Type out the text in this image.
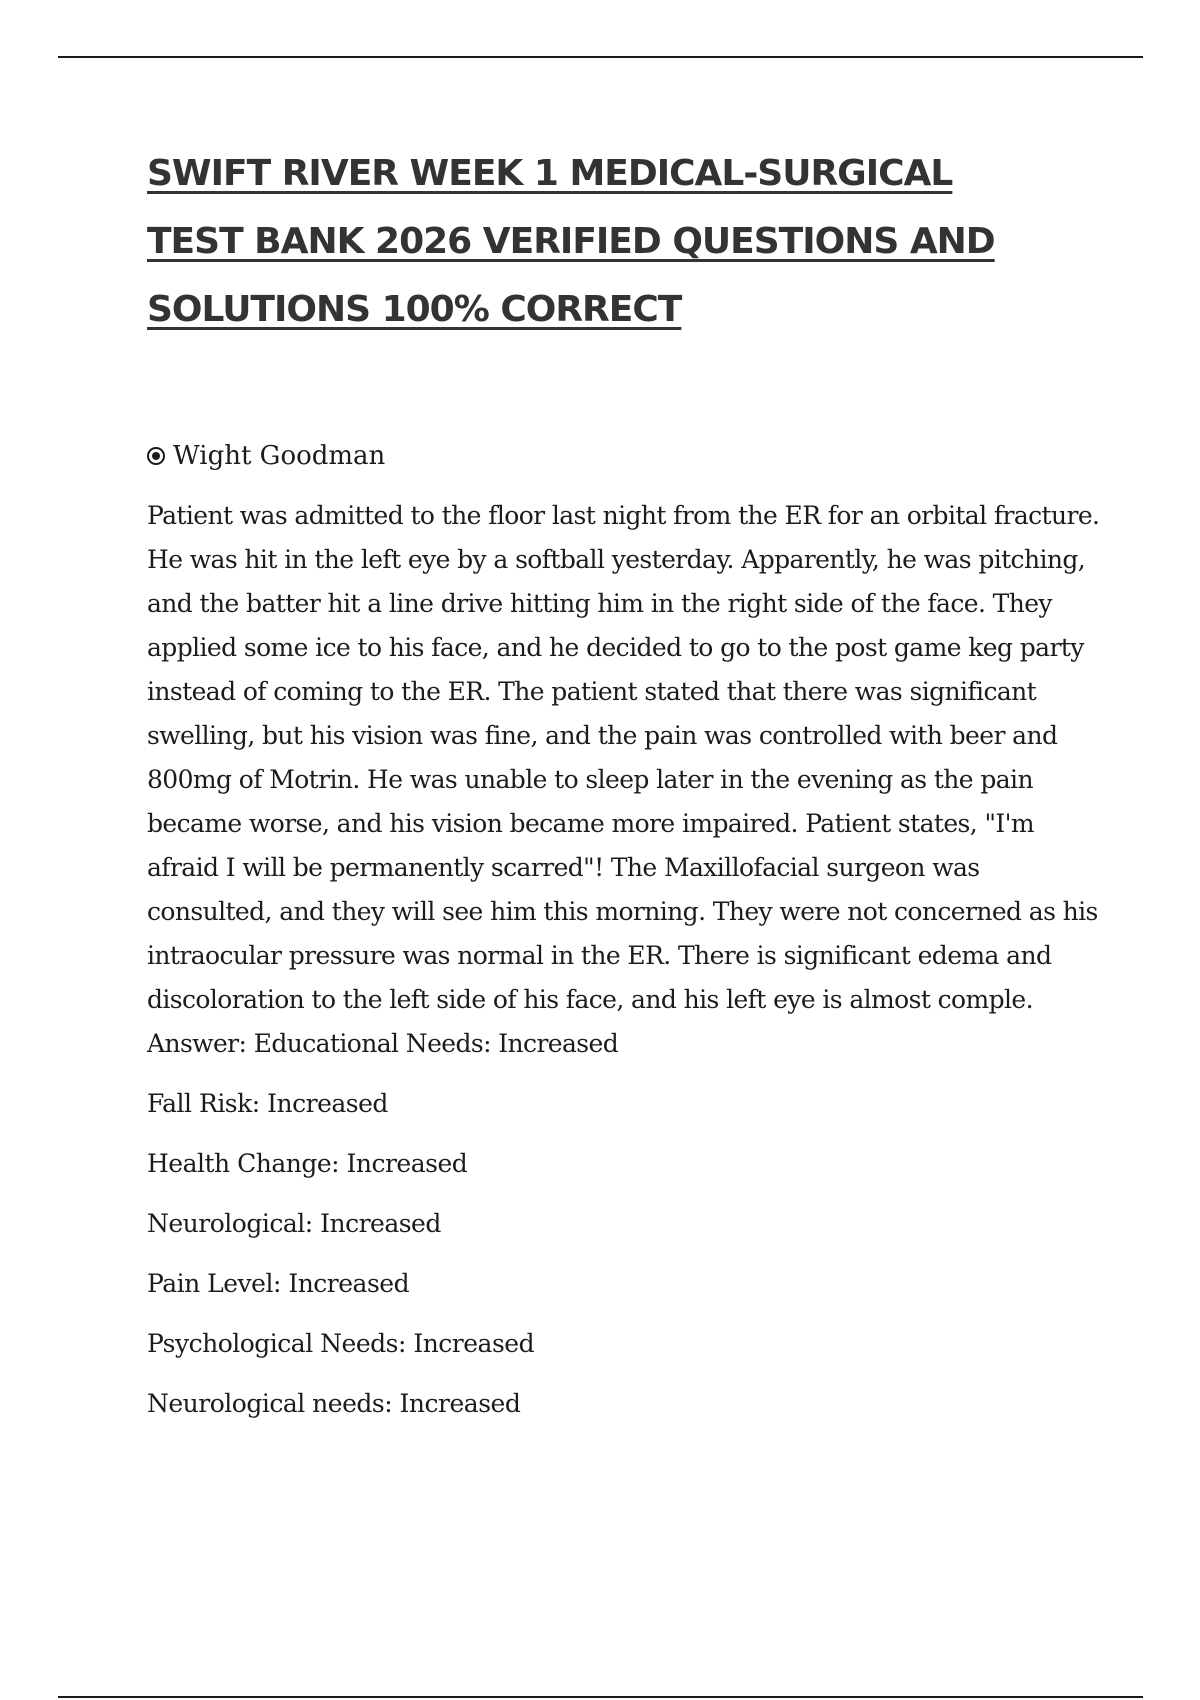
SWIFT RIVER WEEK 1 MEDICAL-SURGICAL
TEST BANK 2026 VERIFIED QUESTIONS AND
SOLUTIONS 100% CORRECT
Wight Goodman

Patient was admitted to the floor last night from the ER for an orbital fracture. He was hit in the left eye by a softball yesterday. Apparently, he was pitching, and the batter hit a line drive hitting him in the right side of the face. They applied some ice to his face, and he decided to go to the post game keg party instead of coming to the ER. The patient stated that there was significant swelling, but his vision was fine, and the pain was controlled with beer and 800mg of Motrin. He was unable to sleep later in the evening as the pain became worse, and his vision became more impaired. Patient states, "I'm afraid I will be permanently scarred"! The Maxillofacial surgeon was consulted, and they will see him this morning. They were not concerned as his intraocular pressure was normal in the ER. There is significant edema and discoloration to the left side of his face, and his left eye is almost comple. Answer: Educational Needs: Increased

Fall Risk: Increased

Health Change: Increased

Neurological: Increased

Pain Level: Increased

Psychological Needs: Increased

Neurological needs: Increased
